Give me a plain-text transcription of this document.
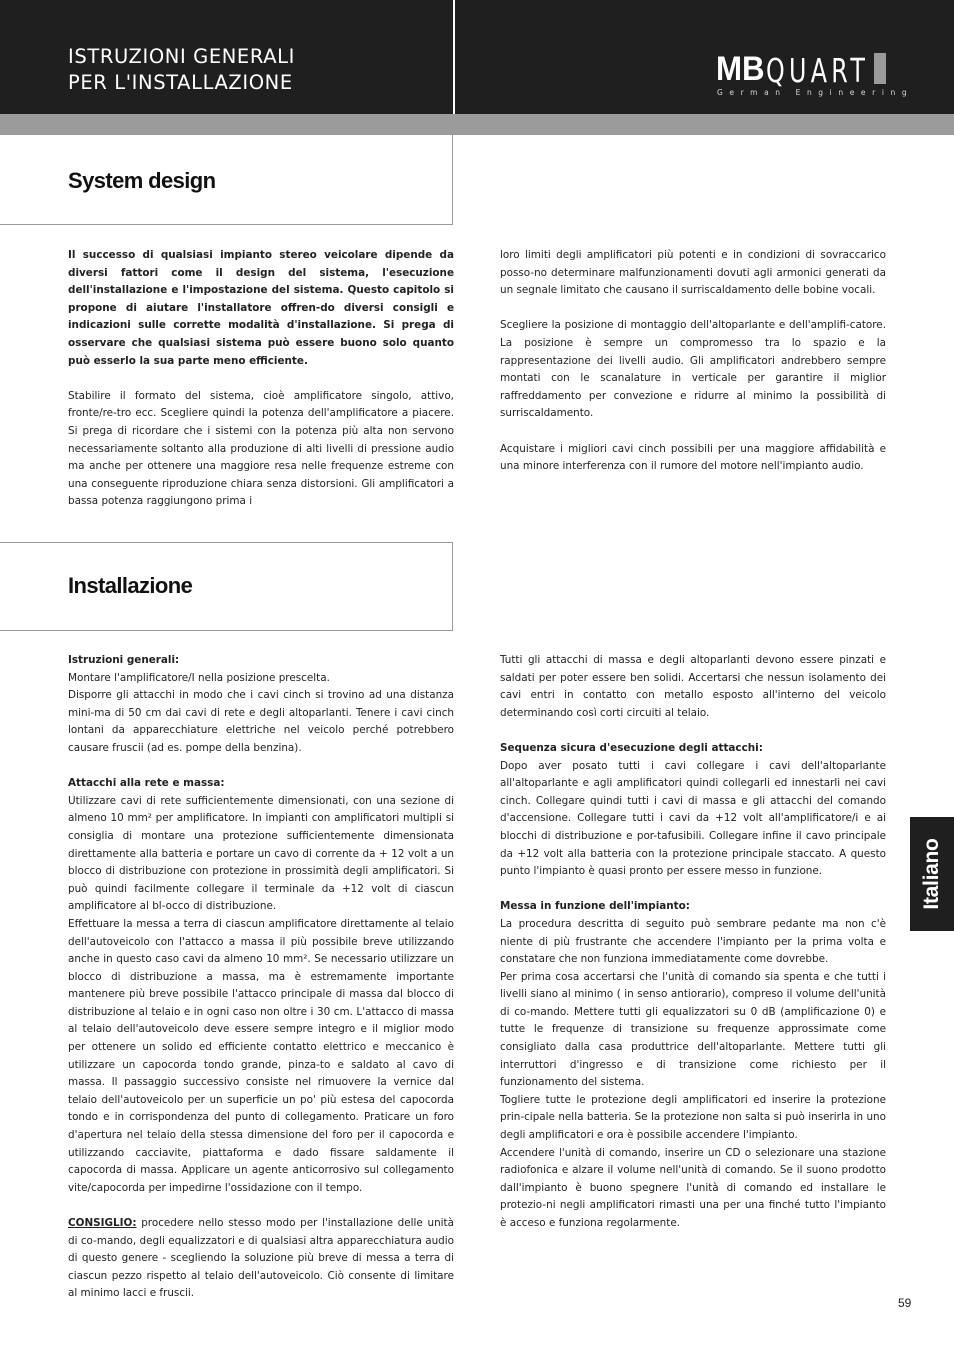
ISTRUZIONI GENERALI
PER L'INSTALLAZIONE	MB QUART
German Engineering
System design

Il successo di qualsiasi impianto stereo veicolare dipende da diversi fattori come il design del sistema, l'esecuzione dell'installazione e l'impostazione del sistema. Questo capitolo si propone di aiutare l'installatore offren-do diversi consigli e indicazioni sulle corrette modalità d'installazione. Si prega di osservare che qualsiasi sistema può essere buono solo quanto può esserlo la sua parte meno efficiente.

Stabilire il formato del sistema, cioè amplificatore singolo, attivo, fronte/re-tro ecc. Scegliere quindi la potenza dell'amplificatore a piacere. Si prega di ricordare che i sistemi con la potenza più alta non servono necessariamente soltanto alla produzione di alti livelli di pressione audio ma anche per ottenere una maggiore resa nelle frequenze estreme con una conseguente riproduzione chiara senza distorsioni. Gli amplificatori a bassa potenza raggiungono prima i

loro limiti degli amplificatori più potenti e in condizioni di sovraccarico posso-no determinare malfunzionamenti dovuti agli armonici generati da un segnale limitato che causano il surriscaldamento delle bobine vocali.

Scegliere la posizione di montaggio dell'altoparlante e dell'amplifi-catore. La posizione è sempre un compromesso tra lo spazio e la rappresentazione dei livelli audio. Gli amplificatori andrebbero sempre montati con le scanalature in verticale per garantire il miglior raffreddamento per convezione e ridurre al minimo la possibilità di surriscaldamento.

Acquistare i migliori cavi cinch possibili per una maggiore affidabilità e una minore interferenza con il rumore del motore nell'impianto audio.

Installazione

Istruzioni generali:

Montare l'amplificatore/I nella posizione prescelta.

Disporre gli attacchi in modo che i cavi cinch si trovino ad una distanza mini-ma di 50 cm dai cavi di rete e degli altoparlanti. Tenere i cavi cinch lontani da apparecchiature elettriche nel veicolo perché potrebbero causare fruscii (ad es. pompe della benzina).

Attacchi alla rete e massa:

Utilizzare cavi di rete sufficientemente dimensionati, con una sezione di almeno 10 mm² per amplificatore. In impianti con amplificatori multipli si consiglia di montare una protezione sufficientemente dimensionata direttamente alla batteria e portare un cavo di corrente da + 12 volt a un blocco di distribuzione con protezione in prossimità degli amplificatori. Si può quindi facilmente collegare il terminale da +12 volt di ciascun amplificatore al bl-occo di distribuzione.

Effettuare la messa a terra di ciascun amplificatore direttamente al telaio dell'autoveicolo con l'attacco a massa il più possibile breve utilizzando anche in questo caso cavi da almeno 10 mm². Se necessario utilizzare un blocco di distribuzione a massa, ma è estremamente importante mantenere più breve possibile l'attacco principale di massa dal blocco di distribuzione al telaio e in ogni caso non oltre i 30 cm. L'attacco di massa al telaio dell'autoveicolo deve essere sempre integro e il miglior modo per ottenere un solido ed efficiente contatto elettrico e meccanico è utilizzare un capocorda tondo grande, pinza-to e saldato al cavo di massa. Il passaggio successivo consiste nel rimuovere la vernice dal telaio dell'autoveicolo per un superficie un po' più estesa del capocorda tondo e in corrispondenza del punto di collegamento. Praticare un foro d'apertura nel telaio della stessa dimensione del foro per il capocorda e utilizzando cacciavite, piattaforma e dado fissare saldamente il capocorda di massa. Applicare un agente anticorrosivo sul collegamento vite/capocorda per impedirne l'ossidazione con il tempo.

CONSIGLIO: procedere nello stesso modo per l'installazione delle unità di co-mando, degli equalizzatori e di qualsiasi altra apparecchiatura audio di questo genere - scegliendo la soluzione più breve di messa a terra di ciascun pezzo rispetto al telaio dell'autoveicolo. Ciò consente di limitare al minimo lacci e fruscii.

Tutti gli attacchi di massa e degli altoparlanti devono essere pinzati e saldati per poter essere ben solidi. Accertarsi che nessun isolamento dei cavi entri in contatto con metallo esposto all'interno del veicolo determinando così corti circuiti al telaio.

Sequenza sicura d'esecuzione degli attacchi:

Dopo aver posato tutti i cavi collegare i cavi dell'altoparlante all'altoparlante e agli amplificatori quindi collegarli ed innestarli nei cavi cinch. Collegare quindi tutti i cavi di massa e gli attacchi del comando d'accensione. Collegare tutti i cavi da +12 volt all'amplificatore/i e ai blocchi di distribuzione e por-tafusibili. Collegare infine il cavo principale da +12 volt alla batteria con la protezione principale staccato. A questo punto l'impianto è quasi pronto per essere messo in funzione.

Messa in funzione dell'impianto:

La procedura descritta di seguito può sembrare pedante ma non c'è niente di più frustrante che accendere l'impianto per la prima volta e constatare che non funziona immediatamente come dovrebbe.

Per prima cosa accertarsi che l'unità di comando sia spenta e che tutti i livelli siano al minimo ( in senso antiorario), compreso il volume dell'unità di co-mando. Mettere tutti gli equalizzatori su 0 dB (amplificazione 0) e tutte le frequenze di transizione su frequenze approssimate come consigliato dalla casa produttrice dell'altoparlante. Mettere tutti gli interruttori d'ingresso e di transizione come richiesto per il funzionamento del sistema.

Togliere tutte le protezione degli amplificatori ed inserire la protezione prin-cipale nella batteria. Se la protezione non salta si può inserirla in uno degli amplificatori e ora è possibile accendere l'impianto.

Accendere l'unità di comando, inserire un CD o selezionare una stazione radiofonica e alzare il volume nell'unità di comando. Se il suono prodotto dall'impianto è buono spegnere l'unità di comando ed installare le protezio-ni negli amplificatori rimasti una per una finché tutto l'impianto è acceso e funziona regolarmente.

Italiano
59
